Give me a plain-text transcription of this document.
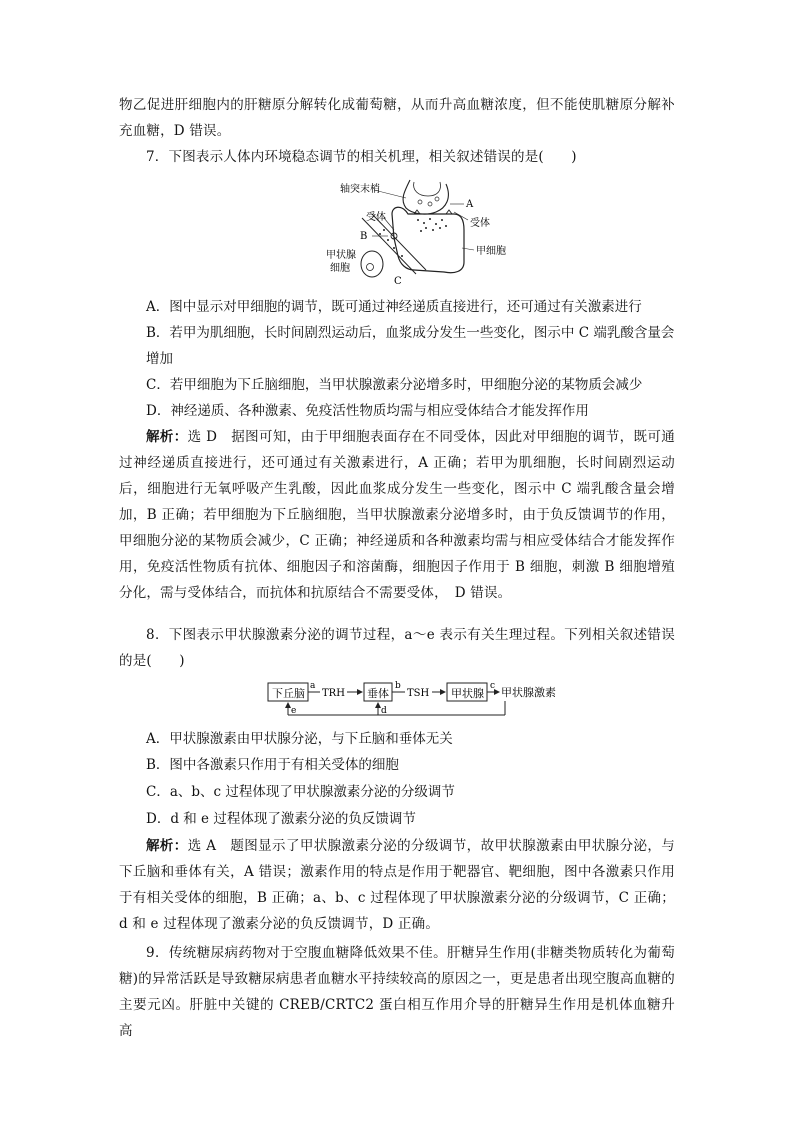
物乙促进肝细胞内的肝糖原分解转化成葡萄糖，从而升高血糖浓度，但不能使肌糖原分解补充血糖，D 错误。

7．下图表示人体内环境稳态调节的相关机理，相关叙述错误的是(　　)

轴突末梢
A
受体
受体
B
甲状腺
细胞
甲细胞
C

A．图中显示对甲细胞的调节，既可通过神经递质直接进行，还可通过有关激素进行

B．若甲为肌细胞，长时间剧烈运动后，血浆成分发生一些变化，图示中 C 端乳酸含量会增加

C．若甲细胞为下丘脑细胞，当甲状腺激素分泌增多时，甲细胞分泌的某物质会减少

D．神经递质、各种激素、免疫活性物质均需与相应受体结合才能发挥作用

解析：选 D　据图可知，由于甲细胞表面存在不同受体，因此对甲细胞的调节，既可通过神经递质直接进行，还可通过有关激素进行，A 正确；若甲为肌细胞，长时间剧烈运动后，细胞进行无氧呼吸产生乳酸，因此血浆成分发生一些变化，图示中 C 端乳酸含量会增加，B 正确；若甲细胞为下丘脑细胞，当甲状腺激素分泌增多时，由于负反馈调节的作用，甲细胞分泌的某物质会减少，C 正确；神经递质和各种激素均需与相应受体结合才能发挥作用，免疫活性物质有抗体、细胞因子和溶菌酶，细胞因子作用于 B 细胞，刺激 B 细胞增殖分化，需与受体结合，而抗体和抗原结合不需要受体，　D 错误。

8．下图表示甲状腺激素分泌的调节过程，a～e 表示有关生理过程。下列相关叙述错误的是(　　)

下丘脑
a
TRH 垂体
b
TSH 甲状腺
c 甲状腺激素
e	d

A．甲状腺激素由甲状腺分泌，与下丘脑和垂体无关

B．图中各激素只作用于有相关受体的细胞

C．a、b、c 过程体现了甲状腺激素分泌的分级调节

D．d 和 e 过程体现了激素分泌的负反馈调节

解析：选 A　题图显示了甲状腺激素分泌的分级调节，故甲状腺激素由甲状腺分泌，与下丘脑和垂体有关，A 错误；激素作用的特点是作用于靶器官、靶细胞，图中各激素只作用于有相关受体的细胞，B 正确；a、b、c 过程体现了甲状腺激素分泌的分级调节，C 正确；d 和 e 过程体现了激素分泌的负反馈调节，D 正确。

9．传统糖尿病药物对于空腹血糖降低效果不佳。肝糖异生作用(非糖类物质转化为葡萄糖)的异常活跃是导致糖尿病患者血糖水平持续较高的原因之一，更是患者出现空腹高血糖的主要元凶。肝脏中关键的 CREB/CRTC2 蛋白相互作用介导的肝糖异生作用是机体血糖升高
